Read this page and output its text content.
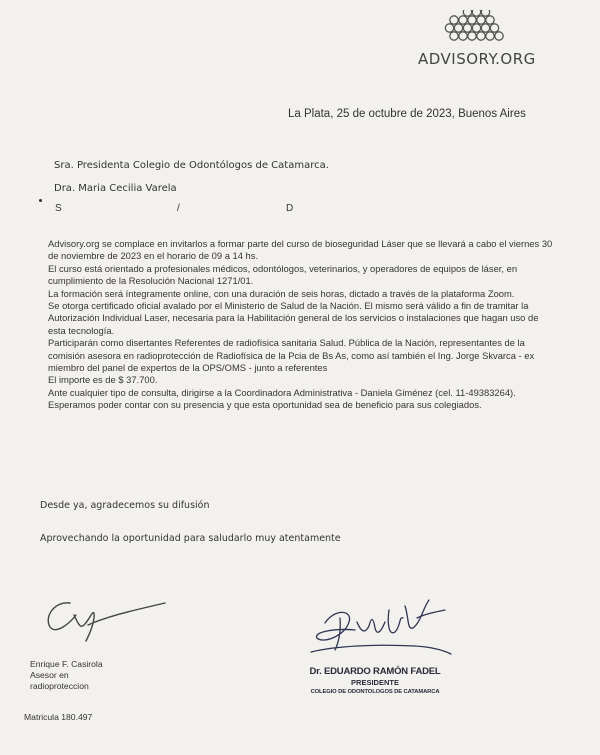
ADVISORY.ORG
La Plata, 25 de octubre de 2023, Buenos Aires
Sra. Presidenta Colegio de Odontólogos de Catamarca.
Dra. Maria Cecilia Varela
S	/	D

Advisory.org se complace en invitarlos a formar parte del curso de bioseguridad Láser que se llevará a cabo el viernes 30 de noviembre de 2023 en el horario de 09 a 14 hs.

El curso está orientado a profesionales médicos, odontólogos, veterinarios, y operadores de equipos de láser, en cumplimiento de la Resolución Nacional 1271/01.

La formación será íntegramente online, con una duración de seis horas, dictado a través de la plataforma Zoom.

Se otorga certificado oficial avalado por el Ministerio de Salud de la Nación. El mismo será válido a fin de tramitar la Autorización Individual Laser, necesaria para la Habilitación general de los servicios o instalaciones que hagan uso de esta tecnología.

Participarán como disertantes Referentes de radiofísica sanitaria Salud. Pública de la Nación, representantes de la comisión asesora en radioprotección de Radiofísica de la Pcia de Bs As, como así también el Ing. Jorge Skvarca - ex miembro del panel de expertos de la OPS/OMS - junto a referentes

El importe es de $ 37.700.

Ante cualquier tipo de consulta, dirigirse a la Coordinadora Administrativa - Daniela Giménez (cel. 11-49383264).

Esperamos poder contar con su presencia y que esta oportunidad sea de beneficio para sus colegiados.

Desde ya, agradecemos su difusión
Aprovechando la oportunidad para saludarlo muy atentamente
Enrique F. Casirola
Asesor en
radioproteccion
Matricula 180.497
Dr. EDUARDO RAMÓN FADEL
PRESIDENTE
COLEGIO DE ODONTOLOGOS DE CATAMARCA
